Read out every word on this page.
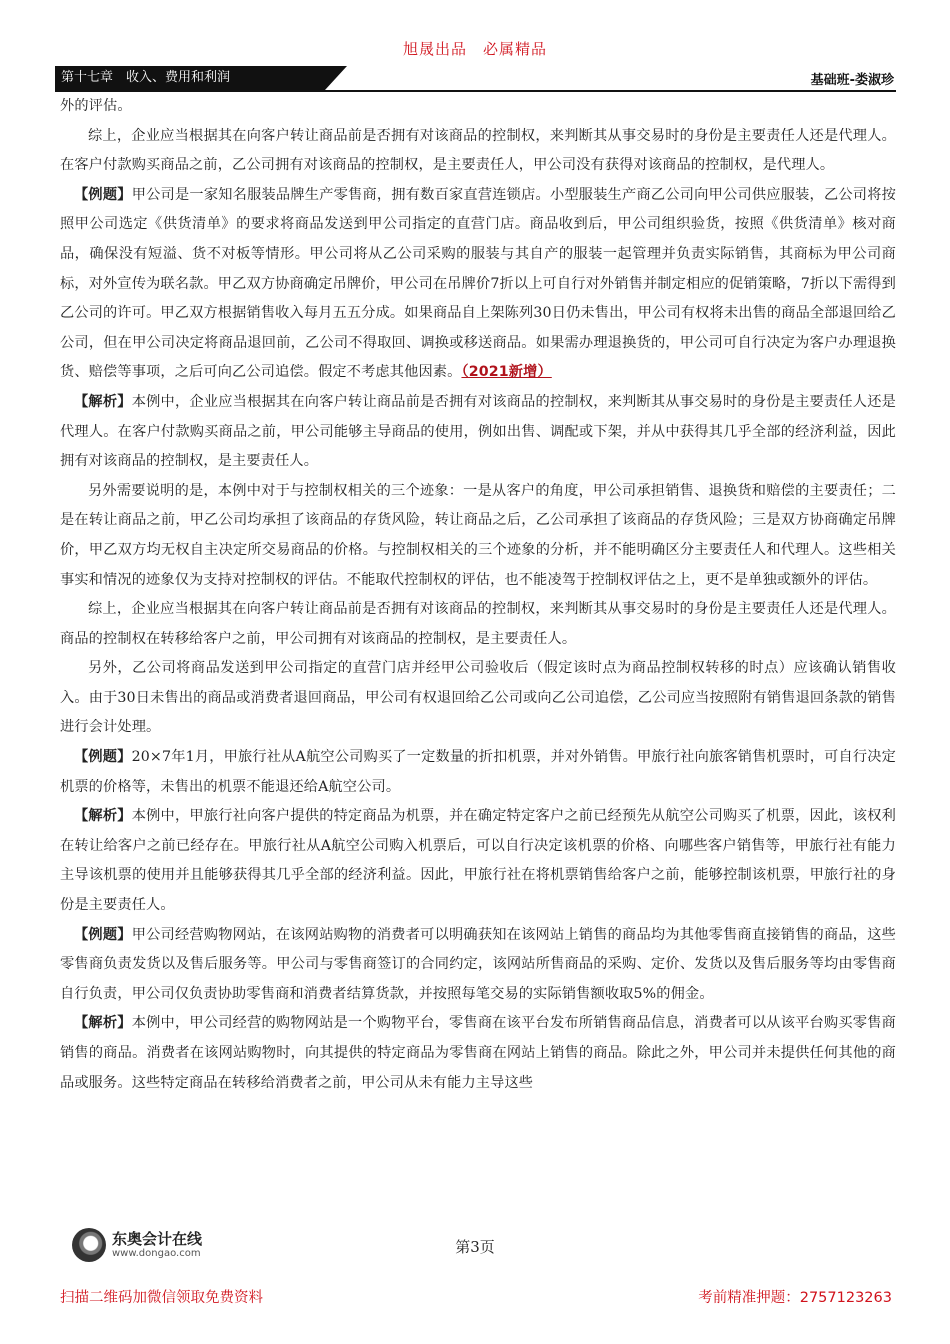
旭晟出品　必属精品
第十七章　收入、费用和利润	基础班-娄淑珍

外的评估。

综上，企业应当根据其在向客户转让商品前是否拥有对该商品的控制权，来判断其从事交易时的身份是主要责任人还是代理人。在客户付款购买商品之前，乙公司拥有对该商品的控制权，是主要责任人，甲公司没有获得对该商品的控制权，是代理人。

【例题】甲公司是一家知名服装品牌生产零售商，拥有数百家直营连锁店。小型服装生产商乙公司向甲公司供应服装，乙公司将按照甲公司选定《供货清单》的要求将商品发送到甲公司指定的直营门店。商品收到后，甲公司组织验货，按照《供货清单》核对商品，确保没有短溢、货不对板等情形。甲公司将从乙公司采购的服装与其自产的服装一起管理并负责实际销售，其商标为甲公司商标，对外宣传为联名款。甲乙双方协商确定吊牌价，甲公司在吊牌价7折以上可自行对外销售并制定相应的促销策略，7折以下需得到乙公司的许可。甲乙双方根据销售收入每月五五分成。如果商品自上架陈列30日仍未售出，甲公司有权将未出售的商品全部退回给乙公司，但在甲公司决定将商品退回前，乙公司不得取回、调换或移送商品。如果需办理退换货的，甲公司可自行决定为客户办理退换货、赔偿等事项，之后可向乙公司追偿。假定不考虑其他因素。（2021新增）

【解析】本例中，企业应当根据其在向客户转让商品前是否拥有对该商品的控制权，来判断其从事交易时的身份是主要责任人还是代理人。在客户付款购买商品之前，甲公司能够主导商品的使用，例如出售、调配或下架，并从中获得其几乎全部的经济利益，因此拥有对该商品的控制权，是主要责任人。

另外需要说明的是，本例中对于与控制权相关的三个迹象：一是从客户的角度，甲公司承担销售、退换货和赔偿的主要责任；二是在转让商品之前，甲乙公司均承担了该商品的存货风险，转让商品之后，乙公司承担了该商品的存货风险；三是双方协商确定吊牌价，甲乙双方均无权自主决定所交易商品的价格。与控制权相关的三个迹象的分析，并不能明确区分主要责任人和代理人。这些相关事实和情况的迹象仅为支持对控制权的评估。不能取代控制权的评估，也不能凌驾于控制权评估之上，更不是单独或额外的评估。

综上，企业应当根据其在向客户转让商品前是否拥有对该商品的控制权，来判断其从事交易时的身份是主要责任人还是代理人。商品的控制权在转移给客户之前，甲公司拥有对该商品的控制权，是主要责任人。

另外，乙公司将商品发送到甲公司指定的直营门店并经甲公司验收后（假定该时点为商品控制权转移的时点）应该确认销售收入。由于30日未售出的商品或消费者退回商品，甲公司有权退回给乙公司或向乙公司追偿，乙公司应当按照附有销售退回条款的销售进行会计处理。

【例题】20×7年1月，甲旅行社从A航空公司购买了一定数量的折扣机票，并对外销售。甲旅行社向旅客销售机票时，可自行决定机票的价格等，未售出的机票不能退还给A航空公司。

【解析】本例中，甲旅行社向客户提供的特定商品为机票，并在确定特定客户之前已经预先从航空公司购买了机票，因此，该权利在转让给客户之前已经存在。甲旅行社从A航空公司购入机票后，可以自行决定该机票的价格、向哪些客户销售等，甲旅行社有能力主导该机票的使用并且能够获得其几乎全部的经济利益。因此，甲旅行社在将机票销售给客户之前，能够控制该机票，甲旅行社的身份是主要责任人。

【例题】甲公司经营购物网站，在该网站购物的消费者可以明确获知在该网站上销售的商品均为其他零售商直接销售的商品，这些零售商负责发货以及售后服务等。甲公司与零售商签订的合同约定，该网站所售商品的采购、定价、发货以及售后服务等均由零售商自行负责，甲公司仅负责协助零售商和消费者结算货款，并按照每笔交易的实际销售额收取5%的佣金。

【解析】本例中，甲公司经营的购物网站是一个购物平台，零售商在该平台发布所销售商品信息，消费者可以从该平台购买零售商销售的商品。消费者在该网站购物时，向其提供的特定商品为零售商在网站上销售的商品。除此之外，甲公司并未提供任何其他的商品或服务。这些特定商品在转移给消费者之前，甲公司从未有能力主导这些

东奥会计在线
www.dongao.com	第3页
扫描二维码加微信领取免费资料	考前精准押题：2757123263
